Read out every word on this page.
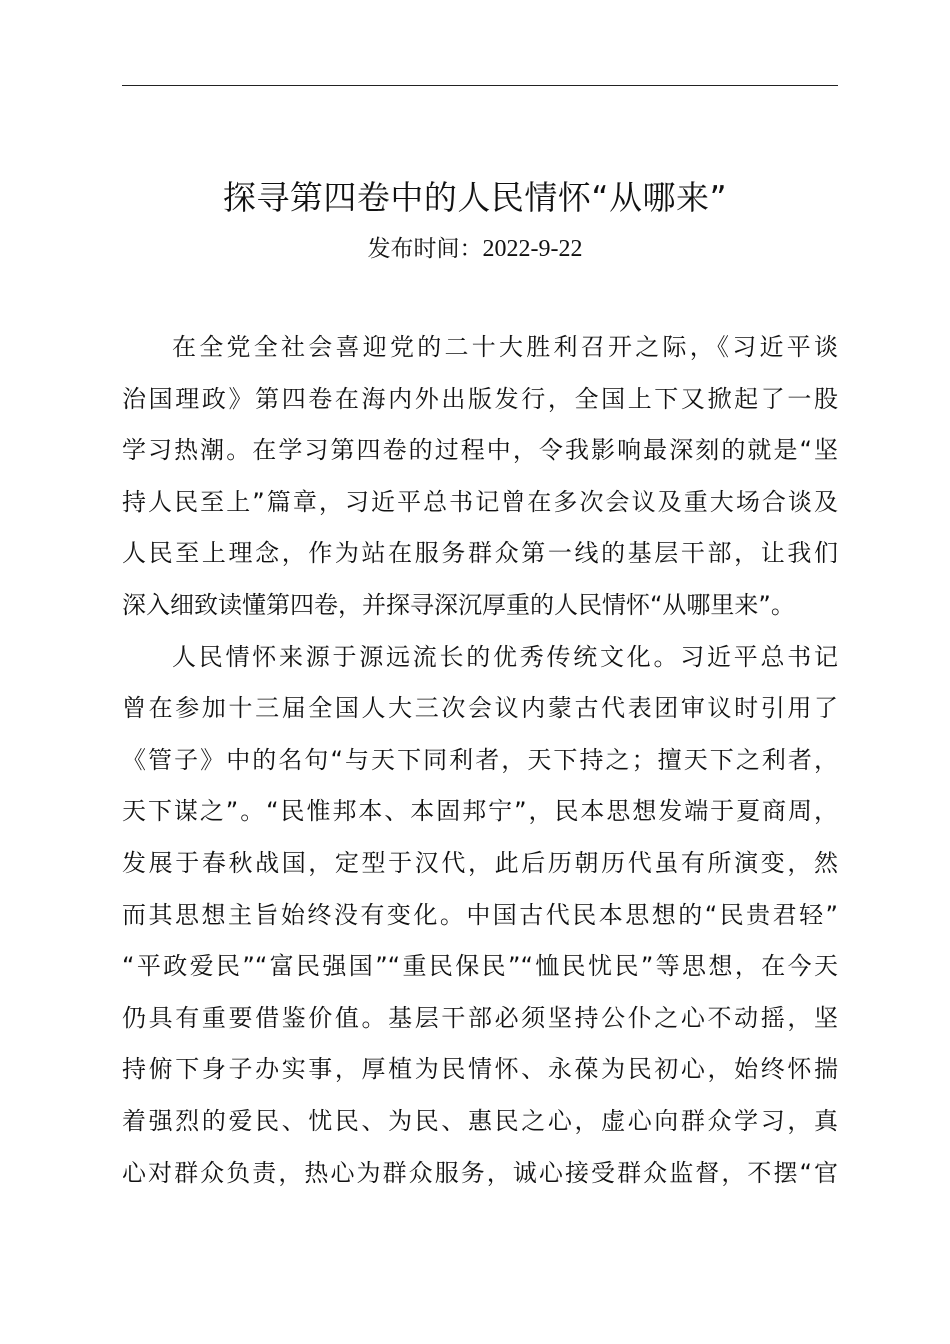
探寻第四卷中的人民情怀“从哪来”
发布时间：2022-9-22
在全党全社会喜迎党的二十大胜利召开之际，《习近平谈
治国理政》第四卷在海内外出版发行，全国上下又掀起了一股
学习热潮。在学习第四卷的过程中，令我影响最深刻的就是“坚
持人民至上”篇章，习近平总书记曾在多次会议及重大场合谈及
人民至上理念，作为站在服务群众第一线的基层干部，让我们
深入细致读懂第四卷，并探寻深沉厚重的人民情怀“从哪里来”。
人民情怀来源于源远流长的优秀传统文化。习近平总书记
曾在参加十三届全国人大三次会议内蒙古代表团审议时引用了
《管子》中的名句“与天下同利者，天下持之；擅天下之利者，
天下谋之”。“民惟邦本、本固邦宁”，民本思想发端于夏商周，
发展于春秋战国，定型于汉代，此后历朝历代虽有所演变，然
而其思想主旨始终没有变化。中国古代民本思想的“民贵君轻”
“平政爱民”“富民强国”“重民保民”“恤民忧民”等思想，在今天
仍具有重要借鉴价值。基层干部必须坚持公仆之心不动摇，坚
持俯下身子办实事，厚植为民情怀、永葆为民初心，始终怀揣
着强烈的爱民、忧民、为民、惠民之心，虚心向群众学习，真
心对群众负责，热心为群众服务，诚心接受群众监督，不摆“官
